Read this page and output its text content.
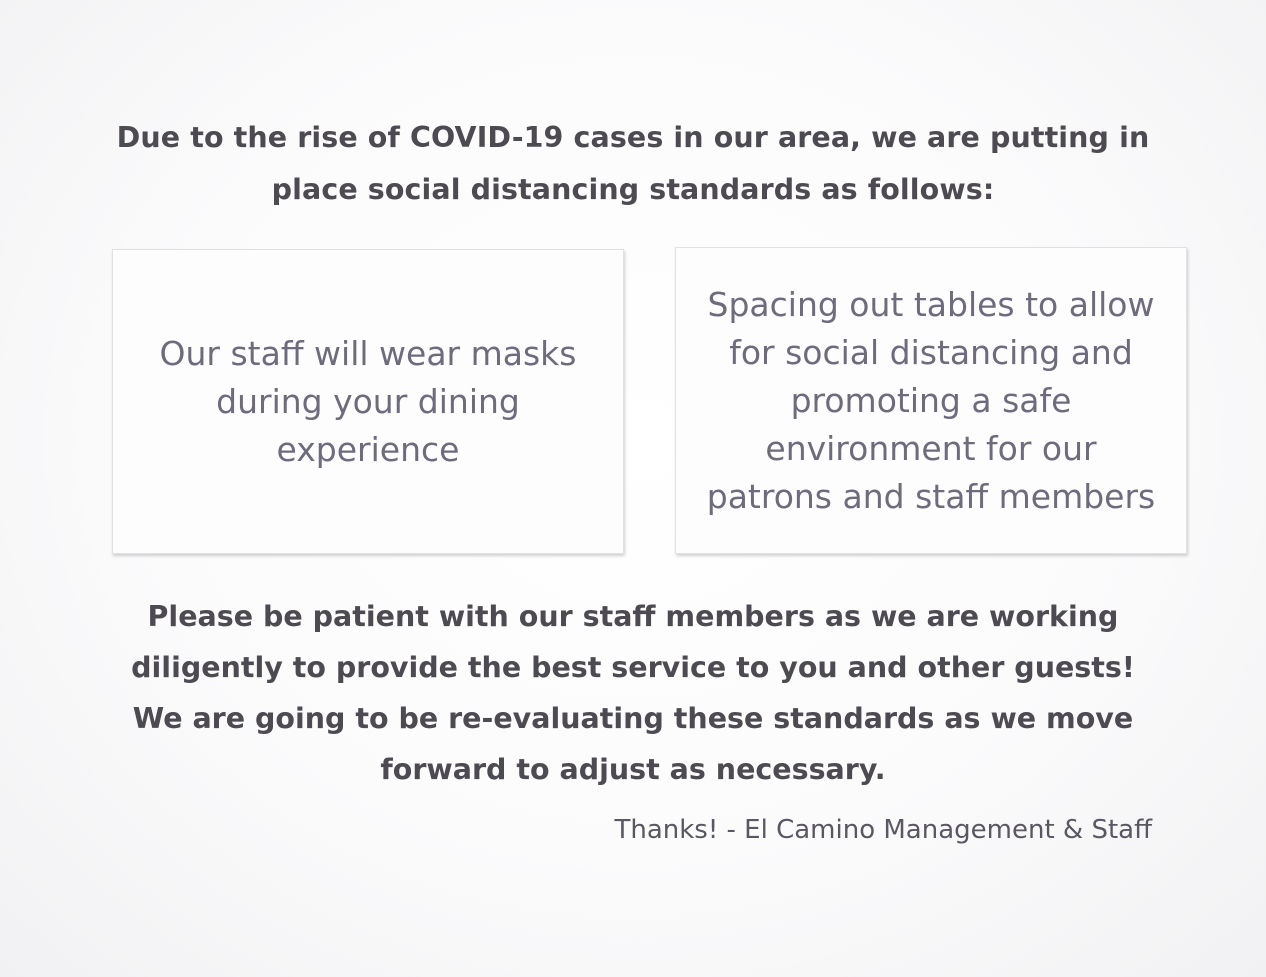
Due to the rise of COVID-19 cases in our area, we are putting in
place social distancing standards as follows:
Our staff will wear masks
during your dining
experience
Spacing out tables to allow
for social distancing and
promoting a safe
environment for our
patrons and staff members
Please be patient with our staff members as we are working
diligently to provide the best service to you and other guests!
We are going to be re-evaluating these standards as we move
forward to adjust as necessary.
Thanks! - El Camino Management & Staff
